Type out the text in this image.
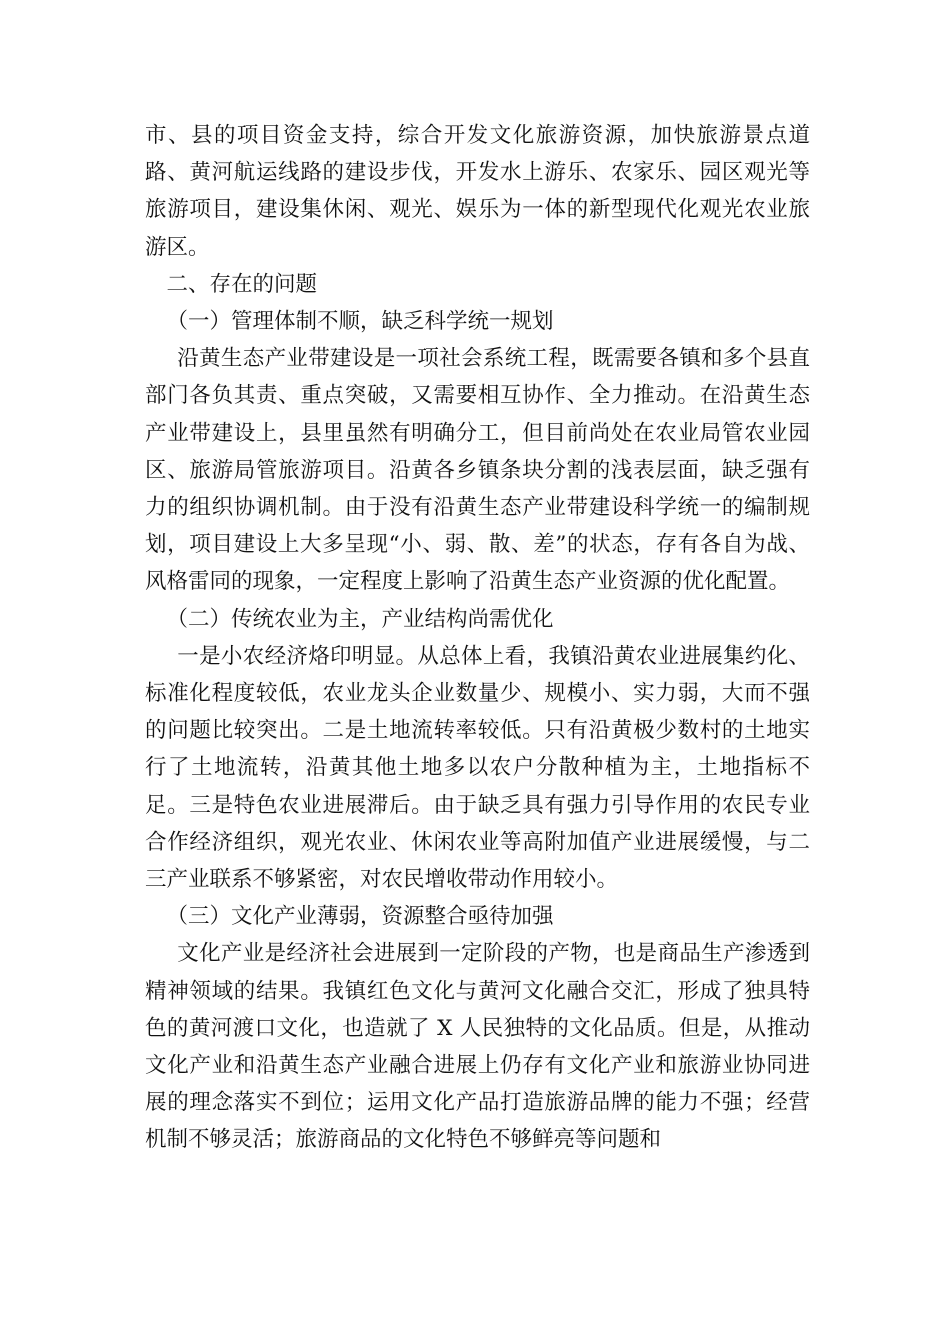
市、县的项目资金支持，综合开发文化旅游资源，加快旅游景点道路、黄河航运线路的建设步伐，开发水上游乐、农家乐、园区观光等旅游项目，建设集休闲、观光、娱乐为一体的新型现代化观光农业旅游区。

二、存在的问题

（一）管理体制不顺，缺乏科学统一规划

沿黄生态产业带建设是一项社会系统工程，既需要各镇和多个县直部门各负其责、重点突破，又需要相互协作、全力推动。在沿黄生态产业带建设上，县里虽然有明确分工，但目前尚处在农业局管农业园区、旅游局管旅游项目。沿黄各乡镇条块分割的浅表层面，缺乏强有力的组织协调机制。由于没有沿黄生态产业带建设科学统一的编制规划，项目建设上大多呈现“小、弱、散、差”的状态，存有各自为战、风格雷同的现象，一定程度上影响了沿黄生态产业资源的优化配置。

（二）传统农业为主，产业结构尚需优化

一是小农经济烙印明显。从总体上看，我镇沿黄农业进展集约化、标准化程度较低，农业龙头企业数量少、规模小、实力弱，大而不强的问题比较突出。二是土地流转率较低。只有沿黄极少数村的土地实行了土地流转，沿黄其他土地多以农户分散种植为主，土地指标不足。三是特色农业进展滞后。由于缺乏具有强力引导作用的农民专业合作经济组织，观光农业、休闲农业等高附加值产业进展缓慢，与二三产业联系不够紧密，对农民增收带动作用较小。

（三）文化产业薄弱，资源整合亟待加强

文化产业是经济社会进展到一定阶段的产物，也是商品生产渗透到精神领域的结果。我镇红色文化与黄河文化融合交汇，形成了独具特色的黄河渡口文化，也造就了 X 人民独特的文化品质。但是，从推动文化产业和沿黄生态产业融合进展上仍存有文化产业和旅游业协同进展的理念落实不到位；运用文化产品打造旅游品牌的能力不强；经营机制不够灵活；旅游商品的文化特色不够鲜亮等问题和
